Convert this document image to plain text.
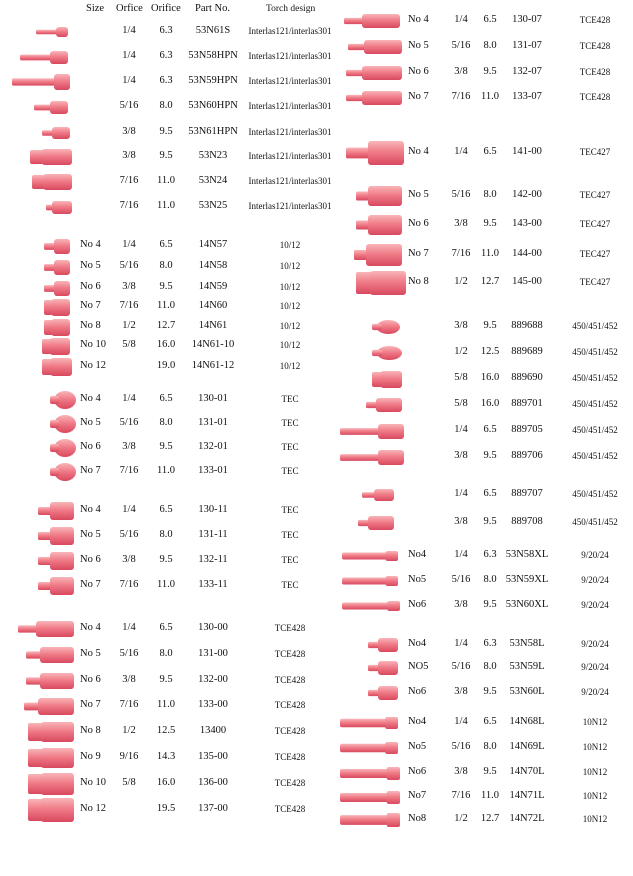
Size Orfice Orifice Part No.	Torch design
1/4 6.3 53N61S Interlas121/interlas301
1/4 6.3 53N58HPN Interlas121/interlas301
1/4 6.3 53N59HPN Interlas121/interlas301
5/16 8.0 53N60HPN Interlas121/interlas301
3/8 9.5 53N61HPN Interlas121/interlas301
3/8 9.5 53N23 Interlas121/interlas301
7/16 11.0 53N24 Interlas121/interlas301
7/16 11.0 53N25 Interlas121/interlas301
No 4 1/4 6.5 14N57	10/12
No 5 5/16 8.0 14N58	10/12
No 6 3/8 9.5 14N59	10/12
No 7 7/16 11.0 14N60	10/12
No 8 1/2 12.7 14N61	10/12
No 10 5/8 16.0 14N61-10	10/12
No 12	19.0 14N61-12	10/12
No 4 1/4 6.5 130-01	TEC
No 5 5/16 8.0 131-01	TEC
No 6 3/8 9.5 132-01	TEC
No 7 7/16 11.0 133-01	TEC
No 4 1/4 6.5 130-11	TEC
No 5 5/16 8.0 131-11	TEC
No 6 3/8 9.5 132-11	TEC
No 7 7/16 11.0 133-11	TEC
No 4 1/4 6.5 130-00	TCE428
No 5 5/16 8.0 131-00	TCE428
No 6 3/8 9.5 132-00	TCE428
No 7 7/16 11.0 133-00	TCE428
No 8 1/2 12.5 13400	TCE428
No 9 9/16 14.3 135-00	TCE428
No 10 5/8 16.0 136-00	TCE428
No 12	19.5 137-00	TCE428
No 4 1/4 6.5 130-07	TCE428
No 5 5/16 8.0 131-07	TCE428
No 6 3/8 9.5 132-07	TCE428
No 7 7/16 11.0 133-07	TCE428
No 4 1/4 6.5 141-00	TEC427
No 5 5/16 8.0 142-00	TEC427
No 6 3/8 9.5 143-00	TEC427
No 7 7/16 11.0 144-00	TEC427
No 8 1/2 12.7 145-00	TEC427
3/8 9.5 889688	450/451/452
1/2 12.5 889689	450/451/452
5/8 16.0 889690	450/451/452
5/8 16.0 889701	450/451/452
1/4 6.5 889705	450/451/452
3/8 9.5 889706	450/451/452
1/4 6.5 889707	450/451/452
3/8 9.5 889708	450/451/452
No4	1/4 6.3 53N58XL	9/20/24
No5 5/16 8.0 53N59XL	9/20/24
No6	3/8 9.5 53N60XL	9/20/24
No4	1/4 6.3 53N58L	9/20/24
NO5 5/16 8.0 53N59L	9/20/24
No6	3/8 9.5 53N60L	9/20/24
No4	1/4 6.5 14N68L	10N12
No5 5/16 8.0 14N69L	10N12
No6	3/8 9.5 14N70L	10N12
No7 7/16 11.0 14N71L	10N12
No8	1/2 12.7 14N72L	10N12
